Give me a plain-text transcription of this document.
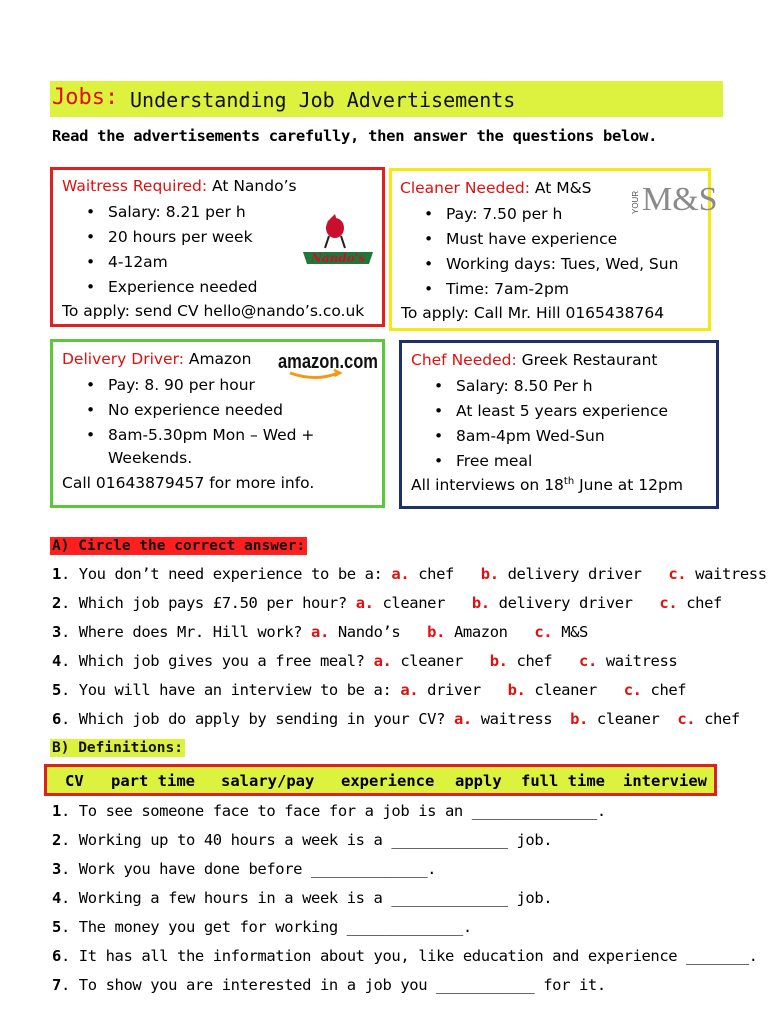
Jobs: Understanding Job Advertisements
Read the advertisements carefully, then answer the questions below.
Waitress Required: At Nando’s
• Salary: 8.21 per h
• 20 hours per week
• 4-12am
• Experience needed
To apply: send CV hello@nando’s.co.uk
Nando's
Cleaner Needed: At M&S
• Pay: 7.50 per h
• Must have experience
• Working days: Tues, Wed, Sun
• Time: 7am-2pm
To apply: Call Mr. Hill 0165438764
YOUR M&S
Delivery Driver: Amazon
• Pay: 8. 90 per hour
• No experience needed
• 8am-5.30pm Mon – Wed +
Weekends.
Call 01643879457 for more info.
amazon.com Chef Needed: Greek Restaurant
• Salary: 8.50 Per h
• At least 5 years experience
• 8am-4pm Wed-Sun
• Free meal
All interviews on 18th June at 12pm
A) Circle the correct answer:
1. You don’t need experience to be a: a. chef b. delivery driver c. waitress
2. Which job pays £7.50 per hour? a. cleaner b. delivery driver c. chef
3. Where does Mr. Hill work? a. Nando’s b. Amazon c. M&S
4. Which job gives you a free meal? a. cleaner b. chef c. waitress
5. You will have an interview to be a: a. driver b. cleaner c. chef
6. Which job do apply by sending in your CV? a. waitress b. cleaner c. chef
B) Definitions:
CV part time salary/pay experience apply full time interview
1. To see someone face to face for a job is an ______________.
2. Working up to 40 hours a week is a _____________ job.
3. Work you have done before _____________.
4. Working a few hours in a week is a _____________ job.
5. The money you get for working _____________.
6. It has all the information about you, like education and experience _______.
7. To show you are interested in a job you ___________ for it.
